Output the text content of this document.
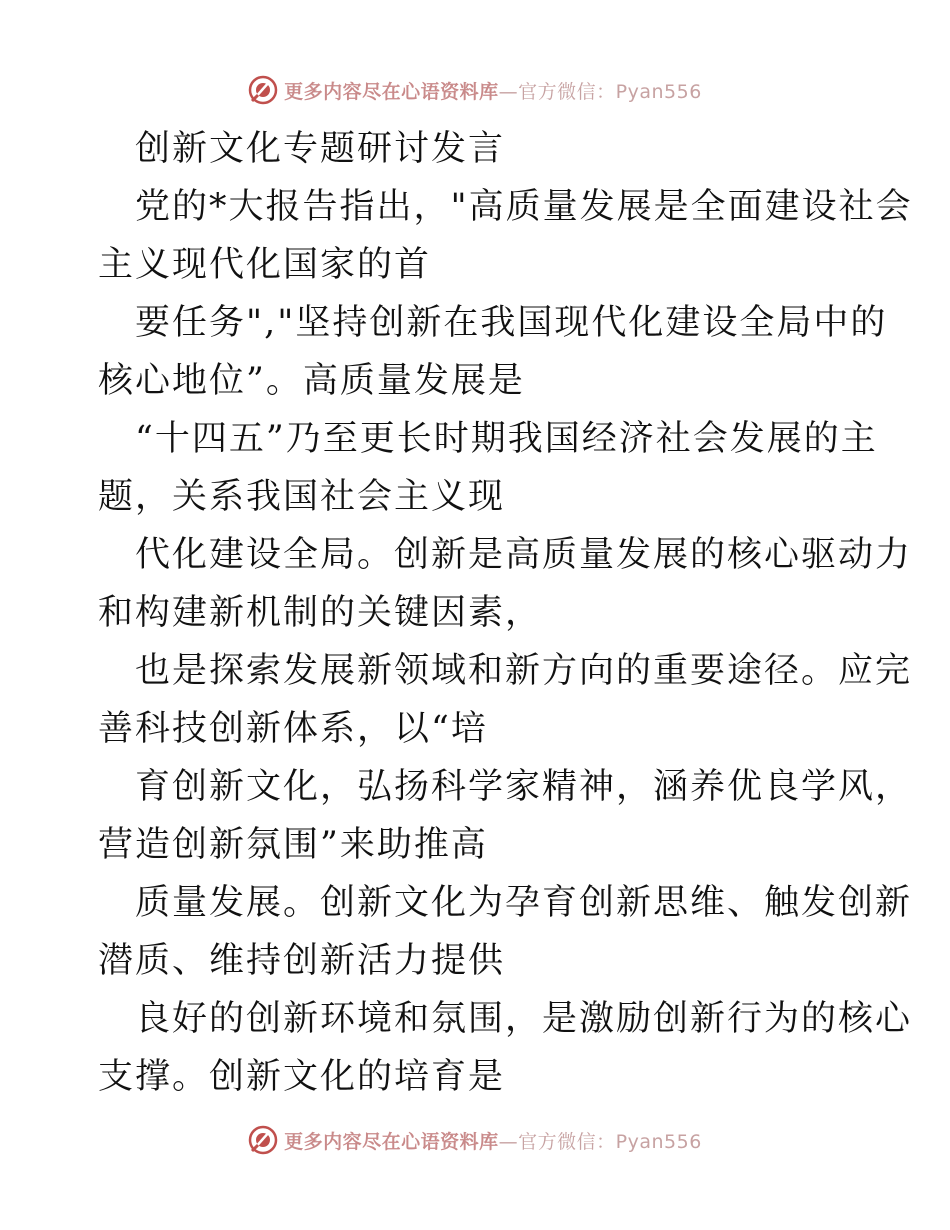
更多内容尽在心语资料库—官方微信：Pyan556
创新文化专题研讨发言
党的*大报告指出，"高质量发展是全面建设社会
主义现代化国家的首
要任务","坚持创新在我国现代化建设全局中的
核心地位”。高质量发展是
“十四五”乃至更长时期我国经济社会发展的主
题，关系我国社会主义现
代化建设全局。创新是高质量发展的核心驱动力
和构建新机制的关键因素，
也是探索发展新领域和新方向的重要途径。应完
善科技创新体系，以“培
育创新文化，弘扬科学家精神，涵养优良学风，
营造创新氛围”来助推高
质量发展。创新文化为孕育创新思维、触发创新
潜质、维持创新活力提供
良好的创新环境和氛围，是激励创新行为的核心
支撑。创新文化的培育是
更多内容尽在心语资料库—官方微信：Pyan556
